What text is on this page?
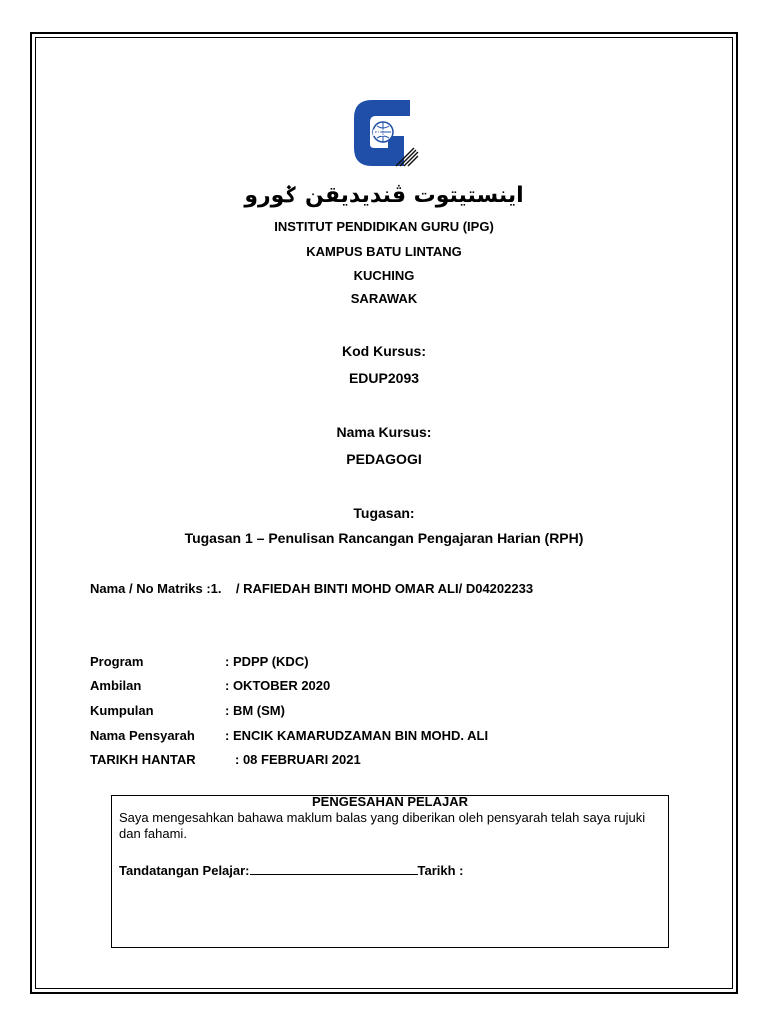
IPG
اينستيتوت ڤنديديقن ݢورو
INSTITUT PENDIDIKAN GURU (IPG)
KAMPUS BATU LINTANG
KUCHING
SARAWAK
Kod Kursus:
EDUP2093
Nama Kursus:
PEDAGOGI
Tugasan:
Tugasan 1 – Penulisan Rancangan Pengajaran Harian (RPH)
Nama / No Matriks :1.    / RAFIEDAH BINTI MOHD OMAR ALI/ D04202233
Program	: PDPP (KDC)
Ambilan	: OKTOBER 2020
Kumpulan	: BM (SM)
Nama Pensyarah : ENCIK KAMARUDZAMAN BIN MOHD. ALI
TARIKH HANTAR	: 08 FEBRUARI 2021
PENGESAHAN PELAJAR
Saya mengesahkan bahawa maklum balas yang diberikan oleh pensyarah telah saya rujuki dan fahami.
Tandatangan Pelajar:	Tarikh :
